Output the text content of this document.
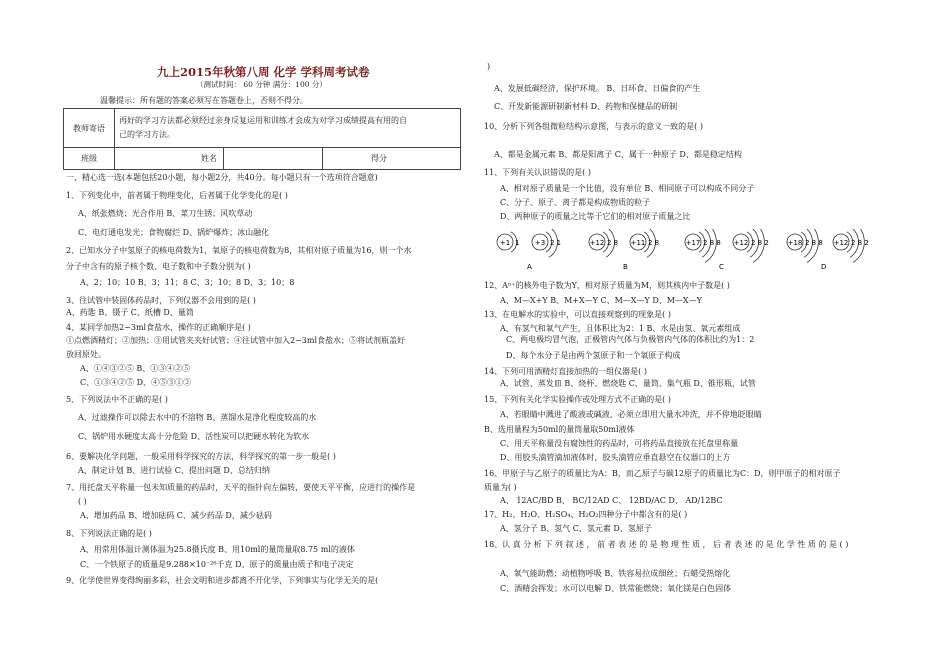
九上2015年秋第八周 化学 学科周考试卷
（测试时间： 60 分钟 满分：100 分）
温馨提示：所有题的答案必须写在答题卷上，否则不得分。
教师寄语	再好的学习方法都必须经过亲身反复运用和训练才会成为对学习成绩提高有用的自
己的学习方法。		

班级	姓名		得分
一、精心选一选(本题包括20小题，每小题2分，共40分。每小题只有一个选项符合题意)
1、下列变化中，前者属于物理变化，后者属于化学变化的是( )
A、纸张燃烧；光合作用 B、菜刀生锈；风吹草动
C、电灯通电发光；食物腐烂 D、锅炉爆炸；冰山融化
2、已知水分子中氢原子的核电荷数为1，氧原子的核电荷数为8，其相对原子质量为16，则一个水
分子中含有的原子核个数、电子数和中子数分别为( )
A、2；10；10 B、3；11；8 C、3；10；8 D、3；10；8
3、往试管中装固体药品时，下列仪器不会用到的是( )
A、药匙 B、镊子 C、纸槽 D、量筒
4、某同学加热2~3ml食盐水，操作的正确顺序是( )
①点燃酒精灯；②加热；③用试管夹夹好试管；④往试管中加入2~3ml食盐水；⑤将试剂瓶盖好
放回原处。
A、①④③②⑤ B、①③④②⑤
C、①③④②⑤ D、④⑤③①②
5、下列说法中不正确的是( )
A、过滤操作可以除去水中的不溶物 B、蒸馏水是净化程度较高的水
C、锅炉用水硬度太高十分危险 D、活性炭可以把硬水转化为软水
6、要解决化学问题，一般采用科学探究的方法，科学探究的第一步一般是( )
A、制定计划 B、进行试验 C、提出问题 D、总结归纳
7、用托盘天平称量一包未知质量的药品时，天平的指针向左偏转，要使天平平衡，应进行的操作是
( )
A、增加药品 B、增加砝码 C、减少药品 D、减少砝码
8、下列说法正确的是( )
A、用常用体温计测体温为25.8摄氏度 B、用10ml的量筒量取8.75 ml的液体
C、一个铁原子的质量是9.288×10⁻²⁶千克 D、原子的质量由质子和电子决定
9、化学使世界变得绚丽多彩，社会文明和进步都离不开化学，下列事实与化学无关的是(
)
A、发展低碳经济，保护环境。 B、日环食、日偏食的产生
C、开发新能源研制新材料 D、药物和保健品的研制
10、分析下列各组微粒结构示意图，与表示的意义一致的是( )
A、都是金属元素 B、都是阳离子 C、属于一种原子 D、都是稳定结构
11、下列有关认识错误的是( )
A、相对原子质量是一个比值，没有单位 B、相同原子可以构成不同分子
C、分子、原子、离子都是构成物质的粒子
D、两种原子的质量之比等于它们的相对原子质量之比
12、Aⁿ⁺的核外电子数为Y，相对原子质量为M，则其核内中子数是( )
A、M—X+Y B、M+X—Y C、M—X—Y D、M—X—Y
13、在电解水的实验中，可以直接观察到的现象是( )
A、有氢气和氧气产生，且体积比为2：1 B、水是由氢、氧元素组成
C、两电极均冒气泡，正极管内气体与负极管内气体的体积比约为1：2
D、每个水分子是由两个氢原子和一个氧原子构成
14、下列可用酒精灯直接加热的一组仪器是( )
A、试管、蒸发皿 B、烧杯、燃烧匙 C、量筒、集气瓶 D、锥形瓶、试管
15、下列有关化学实验操作或处理方式不正确的是( )
A、若眼睛中溅进了酸液或碱液，必须立即用大量水冲洗，并不停地眨眼睛
B、选用量程为50ml的量筒量取50ml液体
C、用天平称量没有腐蚀性的药品时，可将药品直接放在托盘里称量
D、用胶头滴管滴加液体时，胶头滴管应垂直悬空在仪器口的上方
16、甲原子与乙原子的质量比为A：B，而乙原子与碳12原子的质量比为C：D，则甲原子的相对原子
质量为( )
A、 12AC/BD B、 BC/12AD C、 12BD/AC D、 AD/12BC
17、H₂、H₂O、H₂SO₄、H₂O₂四种分子中都含有的是( )
A、氢分子 B、氢气 C、氢元素 D、氢原子
18、认 真 分 析 下 列 叙 述 ， 前 者 表 述 的 是 物 理 性 质 ， 后 者 表 述 的 是 化 学 性 质 的 是 ( )
A、氧气能助燃；动植物呼吸 B、铁容易拉成细丝；石蜡受热熔化
C、酒精会挥发；水可以电解 D、铁常能燃烧；氧化镁是白色固体
+1 1
A
+3 2 1	+12 2 8
B
+11 2 8	+17 2 8 8
C
+12 2 8 2	+18 2 8 8
D
+12 2 8 2
